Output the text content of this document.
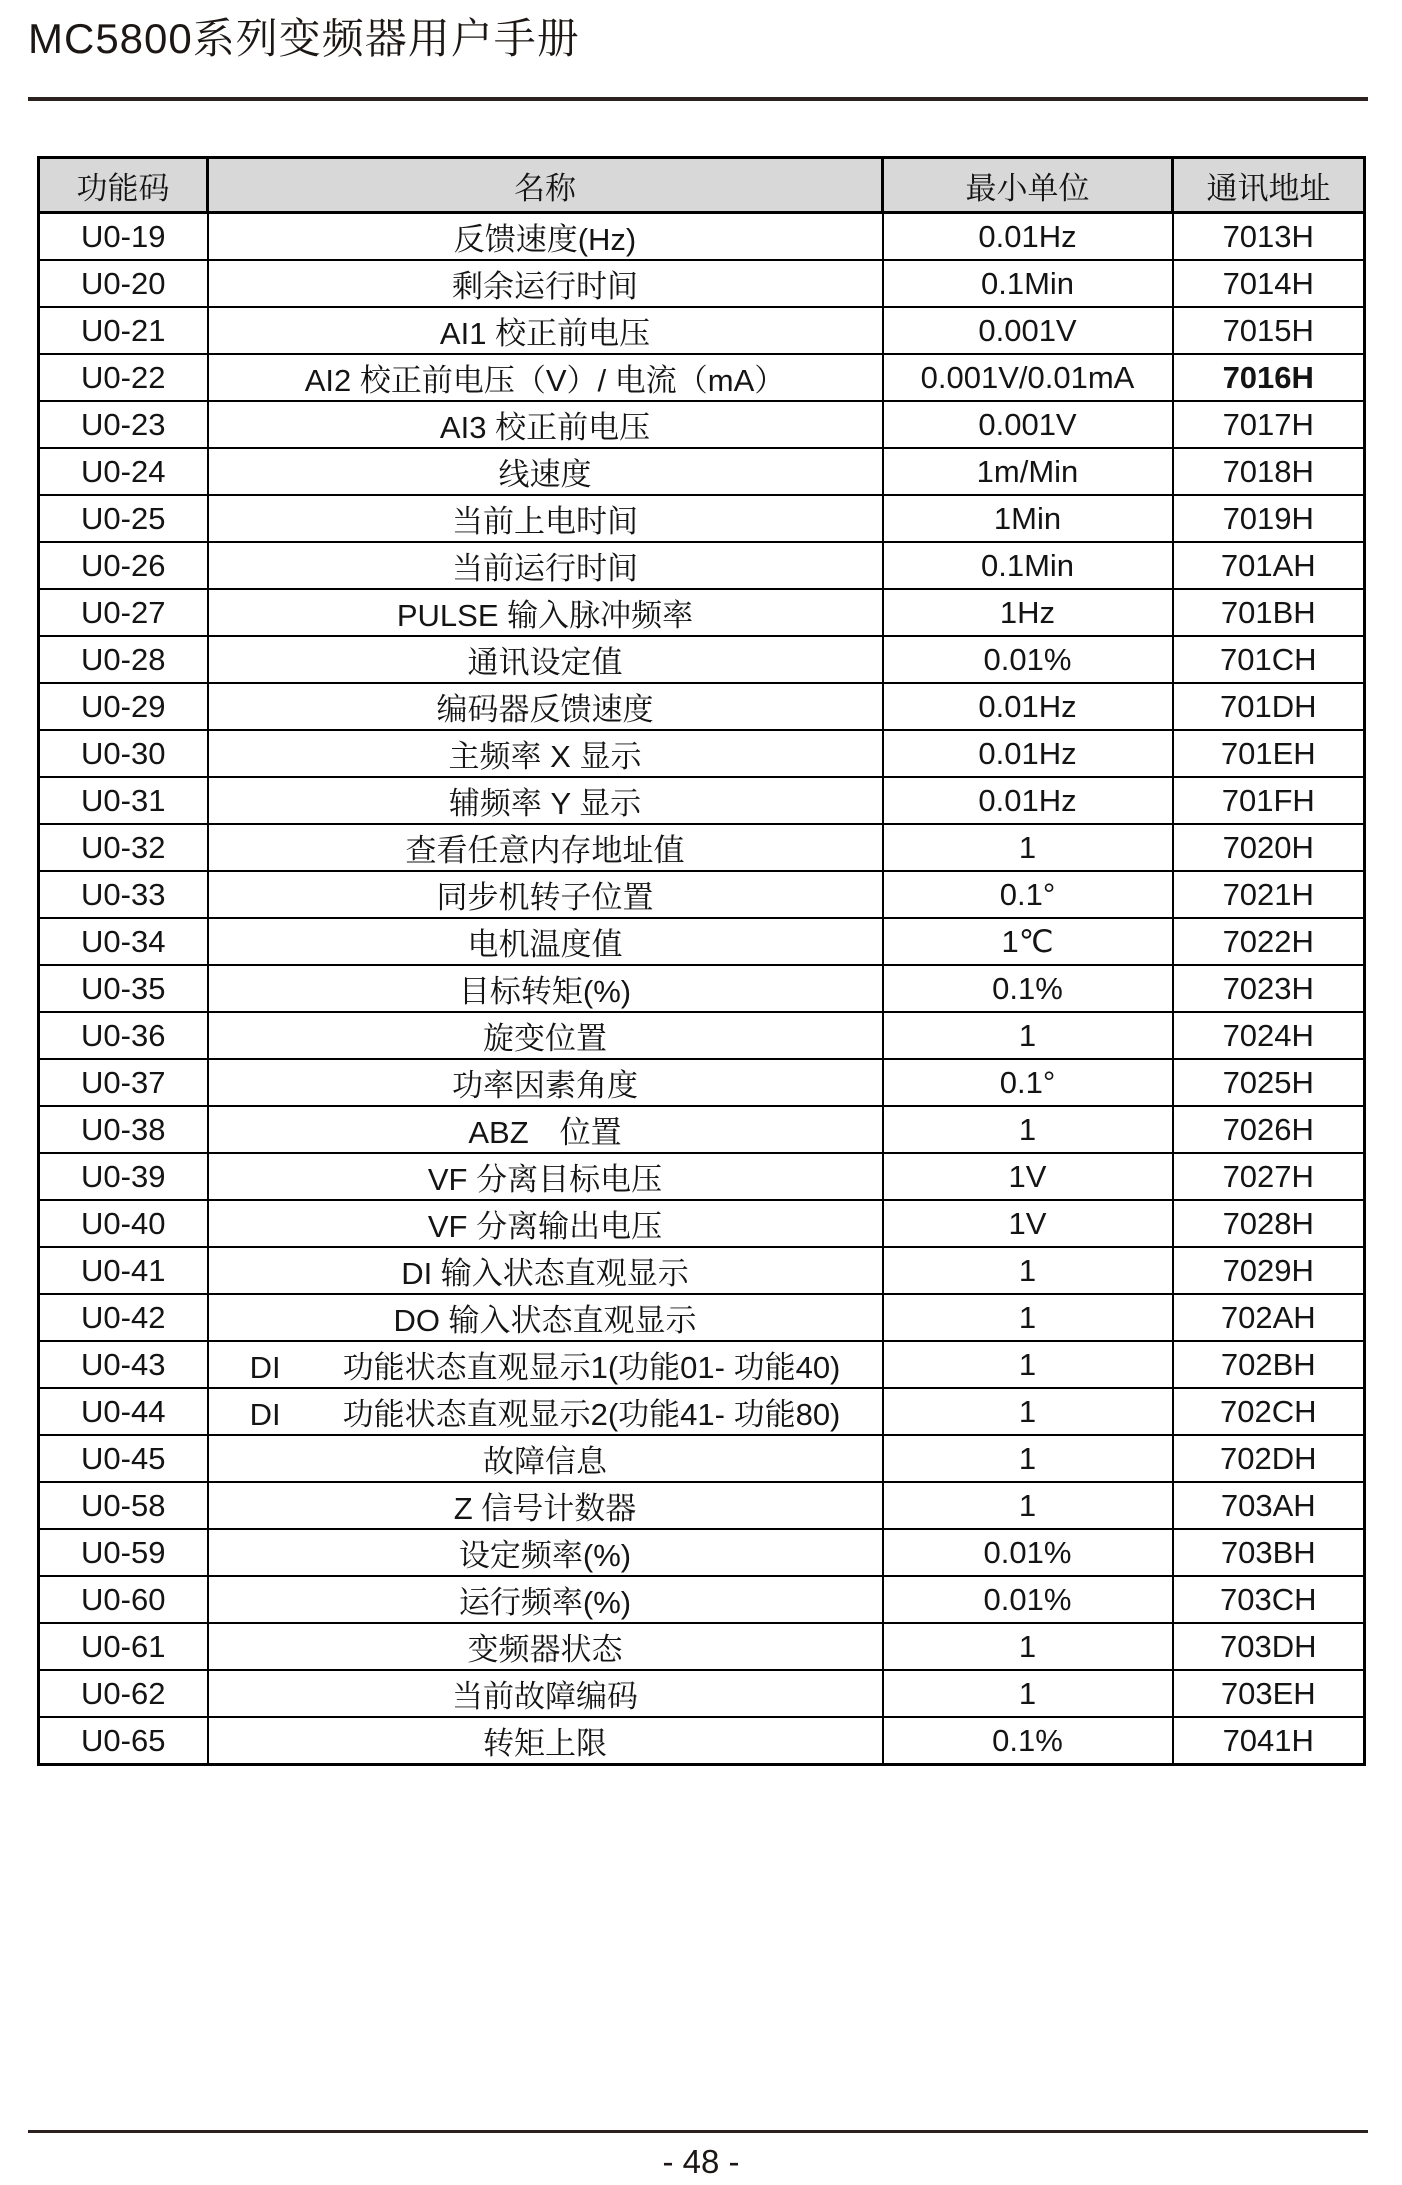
MC5800系列变频器用户手册
功能码	名称	最小单位	通讯地址
U0-19	反馈速度(Hz)	0.01Hz	7013H
U0-20	剩余运行时间	0.1Min	7014H
U0-21	AI1 校正前电压	0.001V	7015H
U0-22	AI2 校正前电压（V）/ 电流（mA）	0.001V/0.01mA	7016H
U0-23	AI3 校正前电压	0.001V	7017H
U0-24	线速度	1m/Min	7018H
U0-25	当前上电时间	1Min	7019H
U0-26	当前运行时间	0.1Min	701AH
U0-27	PULSE 输入脉冲频率	1Hz	701BH
U0-28	通讯设定值	0.01%	701CH
U0-29	编码器反馈速度	0.01Hz	701DH
U0-30	主频率 X 显示	0.01Hz	701EH
U0-31	辅频率 Y 显示	0.01Hz	701FH
U0-32	查看任意内存地址值	1	7020H
U0-33	同步机转子位置	0.1°	7021H
U0-34	电机温度值	1℃	7022H
U0-35	目标转矩(%)	0.1%	7023H
U0-36	旋变位置	1	7024H
U0-37	功率因素角度	0.1°	7025H
U0-38	ABZ　位置	1	7026H
U0-39	VF 分离目标电压	1V	7027H
U0-40	VF 分离输出电压	1V	7028H
U0-41	DI 输入状态直观显示	1	7029H
U0-42	DO 输入状态直观显示	1	702AH
U0-43	DI　　功能状态直观显示1(功能01- 功能40)	1	702BH
U0-44	DI　　功能状态直观显示2(功能41- 功能80)	1	702CH
U0-45	故障信息	1	702DH
U0-58	Z 信号计数器	1	703AH
U0-59	设定频率(%)	0.01%	703BH
U0-60	运行频率(%)	0.01%	703CH
U0-61	变频器状态	1	703DH
U0-62	当前故障编码	1	703EH
U0-65	转矩上限	0.1%	7041H
- 48 -
